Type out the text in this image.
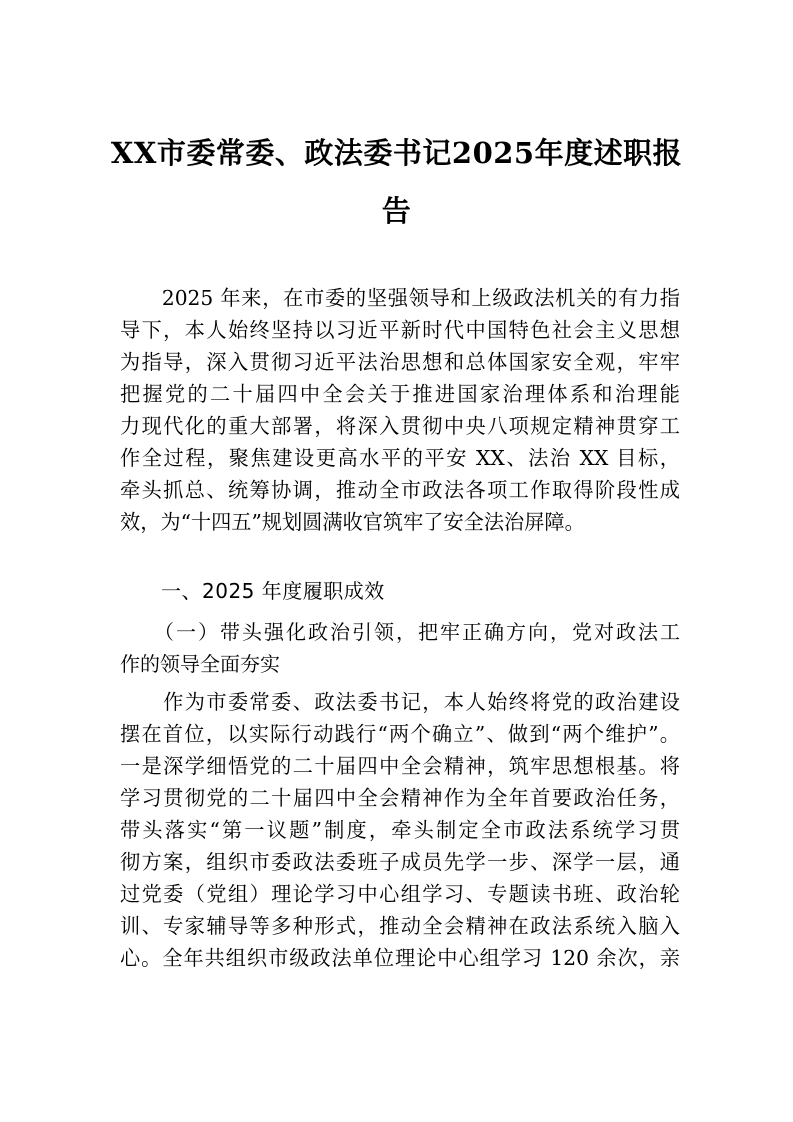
XX市委常委、政法委书记2025年度述职报
告
　　2025 年来，在市委的坚强领导和上级政法机关的有力指
导下，本人始终坚持以习近平新时代中国特色社会主义思想
为指导，深入贯彻习近平法治思想和总体国家安全观，牢牢
把握党的二十届四中全会关于推进国家治理体系和治理能
力现代化的重大部署，将深入贯彻中央八项规定精神贯穿工
作全过程，聚焦建设更高水平的平安 XX、法治 XX 目标，
牵头抓总、统筹协调，推动全市政法各项工作取得阶段性成
效，为“十四五”规划圆满收官筑牢了安全法治屏障。
　　一、2025 年度履职成效
　　（一）带头强化政治引领，把牢正确方向，党对政法工
作的领导全面夯实
　　作为市委常委、政法委书记，本人始终将党的政治建设
摆在首位，以实际行动践行“两个确立”、做到“两个维护”。
一是深学细悟党的二十届四中全会精神，筑牢思想根基。将
学习贯彻党的二十届四中全会精神作为全年首要政治任务，
带头落实“第一议题”制度，牵头制定全市政法系统学习贯
彻方案，组织市委政法委班子成员先学一步、深学一层，通
过党委（党组）理论学习中心组学习、专题读书班、政治轮
训、专家辅导等多种形式，推动全会精神在政法系统入脑入
心。全年共组织市级政法单位理论中心组学习 120 余次，亲
